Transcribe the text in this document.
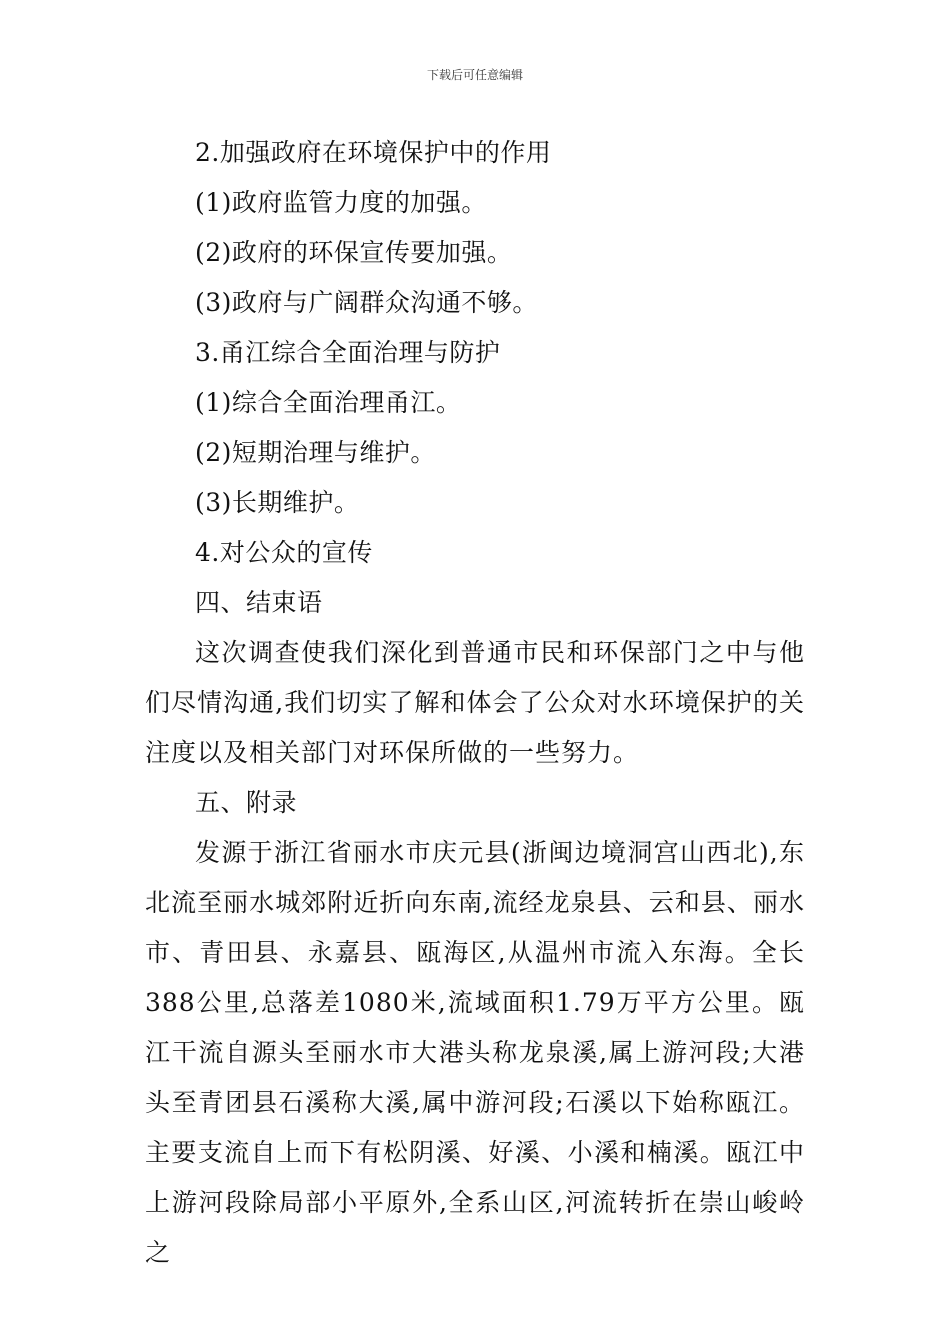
下载后可任意编辑
2.加强政府在环境保护中的作用
(1)政府监管力度的加强。
(2)政府的环保宣传要加强。
(3)政府与广阔群众沟通不够。
3.甬江综合全面治理与防护
(1)综合全面治理甬江。
(2)短期治理与维护。
(3)长期维护。
4.对公众的宣传
四、结束语

这次调查使我们深化到普通市民和环保部门之中与他们尽情沟通,我们切实了解和体会了公众对水环境保护的关注度以及相关部门对环保所做的一些努力。

五、附录

发源于浙江省丽水市庆元县(浙闽边境洞宫山西北),东北流至丽水城郊附近折向东南,流经龙泉县、云和县、丽水市、青田县、永嘉县、瓯海区,从温州市流入东海。全长388公里,总落差1080米,流域面积1.79万平方公里。瓯江干流自源头至丽水市大港头称龙泉溪,属上游河段;大港头至青团县石溪称大溪,属中游河段;石溪以下始称瓯江。主要支流自上而下有松阴溪、好溪、小溪和楠溪。瓯江中上游河段除局部小平原外,全系山区,河流转折在崇山峻岭之
